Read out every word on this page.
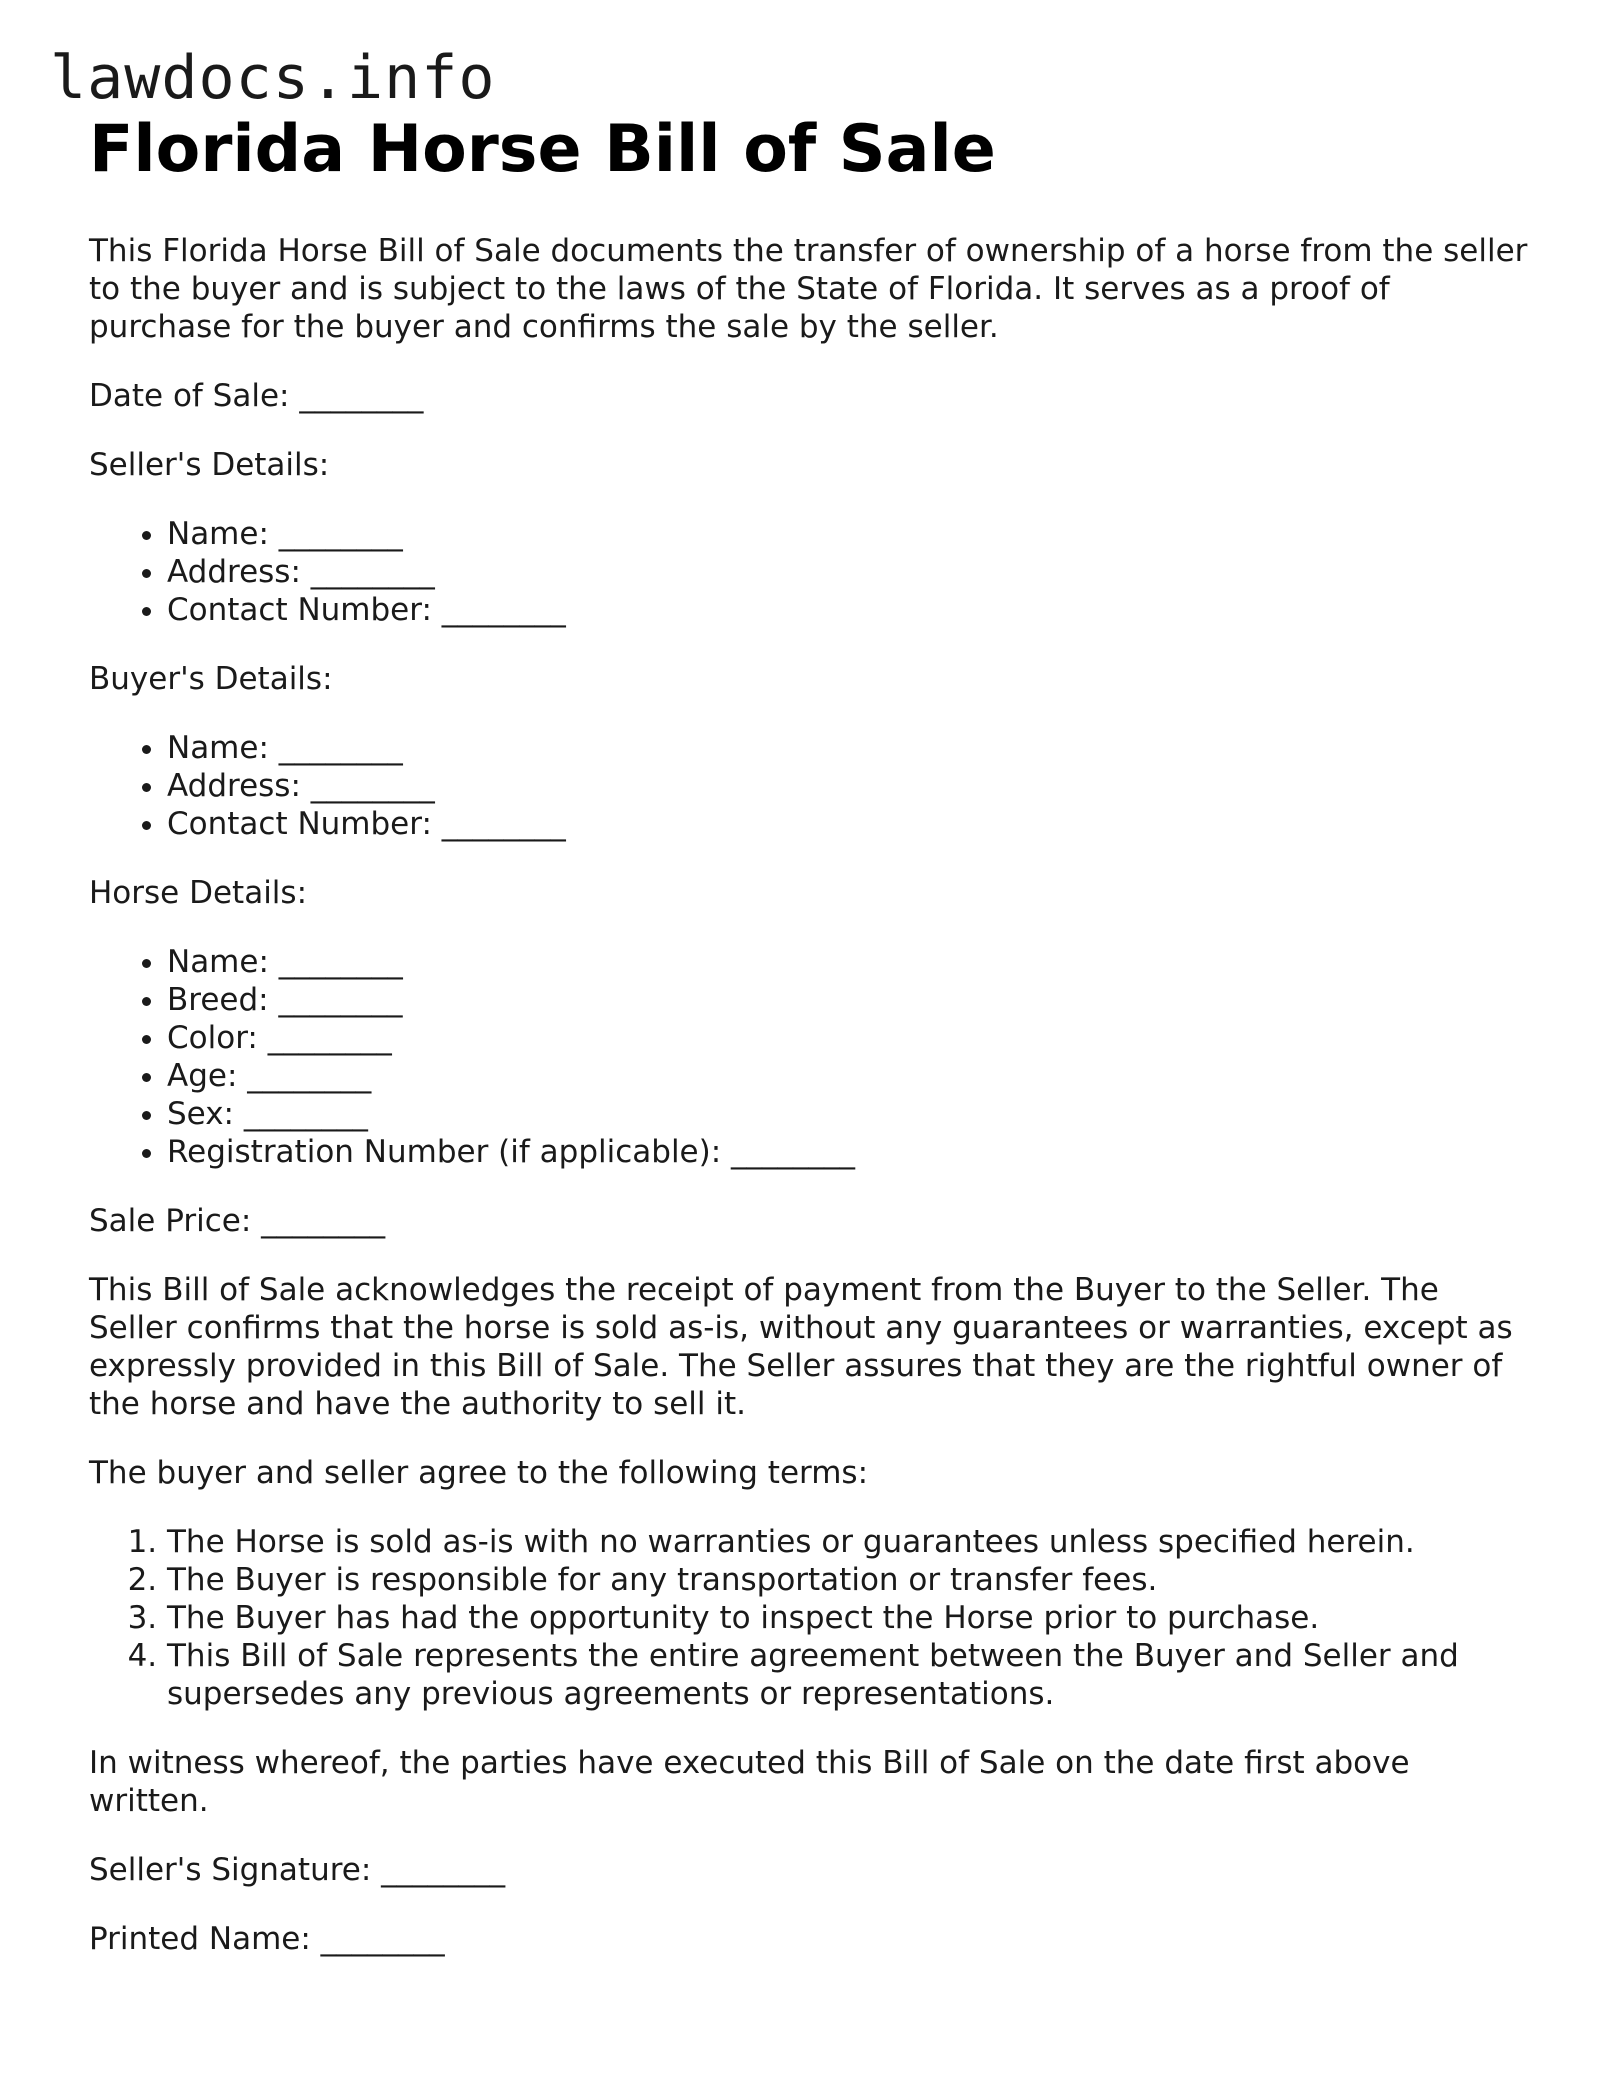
lawdocs.info
Florida Horse Bill of Sale

This Florida Horse Bill of Sale documents the transfer of ownership of a horse from the seller to the buyer and is subject to the laws of the State of Florida. It serves as a proof of purchase for the buyer and confirms the sale by the seller.

Date of Sale: ________

Seller's Details:

• Name: ________
• Address: ________
• Contact Number: ________

Buyer's Details:

• Name: ________
• Address: ________
• Contact Number: ________

Horse Details:

• Name: ________
• Breed: ________
• Color: ________
• Age: ________
• Sex: ________
• Registration Number (if applicable): ________

Sale Price: ________

This Bill of Sale acknowledges the receipt of payment from the Buyer to the Seller. The Seller confirms that the horse is sold as-is, without any guarantees or warranties, except as expressly provided in this Bill of Sale. The Seller assures that they are the rightful owner of the horse and have the authority to sell it.

The buyer and seller agree to the following terms:

1. The Horse is sold as-is with no warranties or guarantees unless specified herein.
2. The Buyer is responsible for any transportation or transfer fees.
3. The Buyer has had the opportunity to inspect the Horse prior to purchase.
4. This Bill of Sale represents the entire agreement between the Buyer and Seller and supersedes any previous agreements or representations.

In witness whereof, the parties have executed this Bill of Sale on the date first above written.

Seller's Signature: ________

Printed Name: ________
